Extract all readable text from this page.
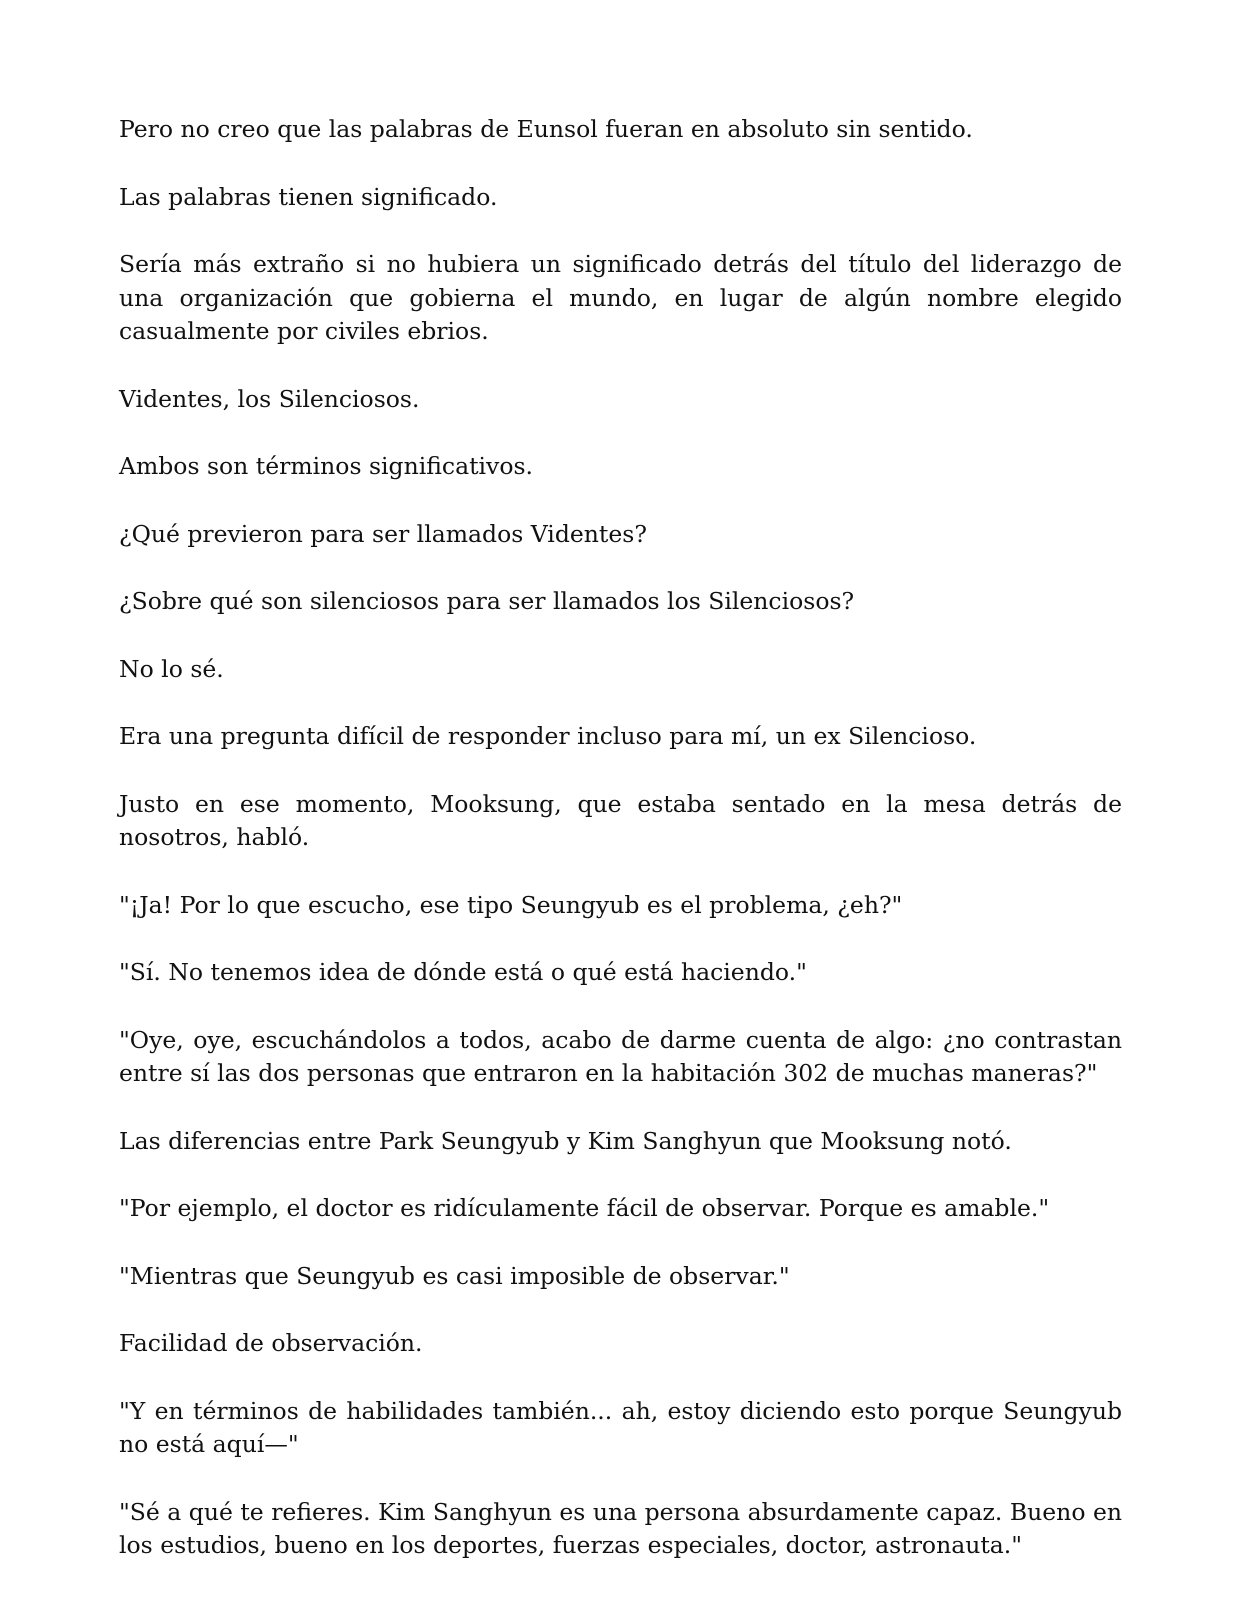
Pero no creo que las palabras de Eunsol fueran en absoluto sin sentido.

Las palabras tienen significado.

Sería más extraño si no hubiera un significado detrás del título del liderazgo de una organización que gobierna el mundo, en lugar de algún nombre elegido casualmente por civiles ebrios.

Videntes, los Silenciosos.

Ambos son términos significativos.

¿Qué previeron para ser llamados Videntes?

¿Sobre qué son silenciosos para ser llamados los Silenciosos?

No lo sé.

Era una pregunta difícil de responder incluso para mí, un ex Silencioso.

Justo en ese momento, Mooksung, que estaba sentado en la mesa detrás de nosotros, habló.

"¡Ja! Por lo que escucho, ese tipo Seungyub es el problema, ¿eh?"

"Sí. No tenemos idea de dónde está o qué está haciendo."

"Oye, oye, escuchándolos a todos, acabo de darme cuenta de algo: ¿no contrastan entre sí las dos personas que entraron en la habitación 302 de muchas maneras?"

Las diferencias entre Park Seungyub y Kim Sanghyun que Mooksung notó.

"Por ejemplo, el doctor es ridículamente fácil de observar. Porque es amable."

"Mientras que Seungyub es casi imposible de observar."

Facilidad de observación.

"Y en términos de habilidades también... ah, estoy diciendo esto porque Seungyub no está aquí—"

"Sé a qué te refieres. Kim Sanghyun es una persona absurdamente capaz. Bueno en los estudios, bueno en los deportes, fuerzas especiales, doctor, astronauta."
